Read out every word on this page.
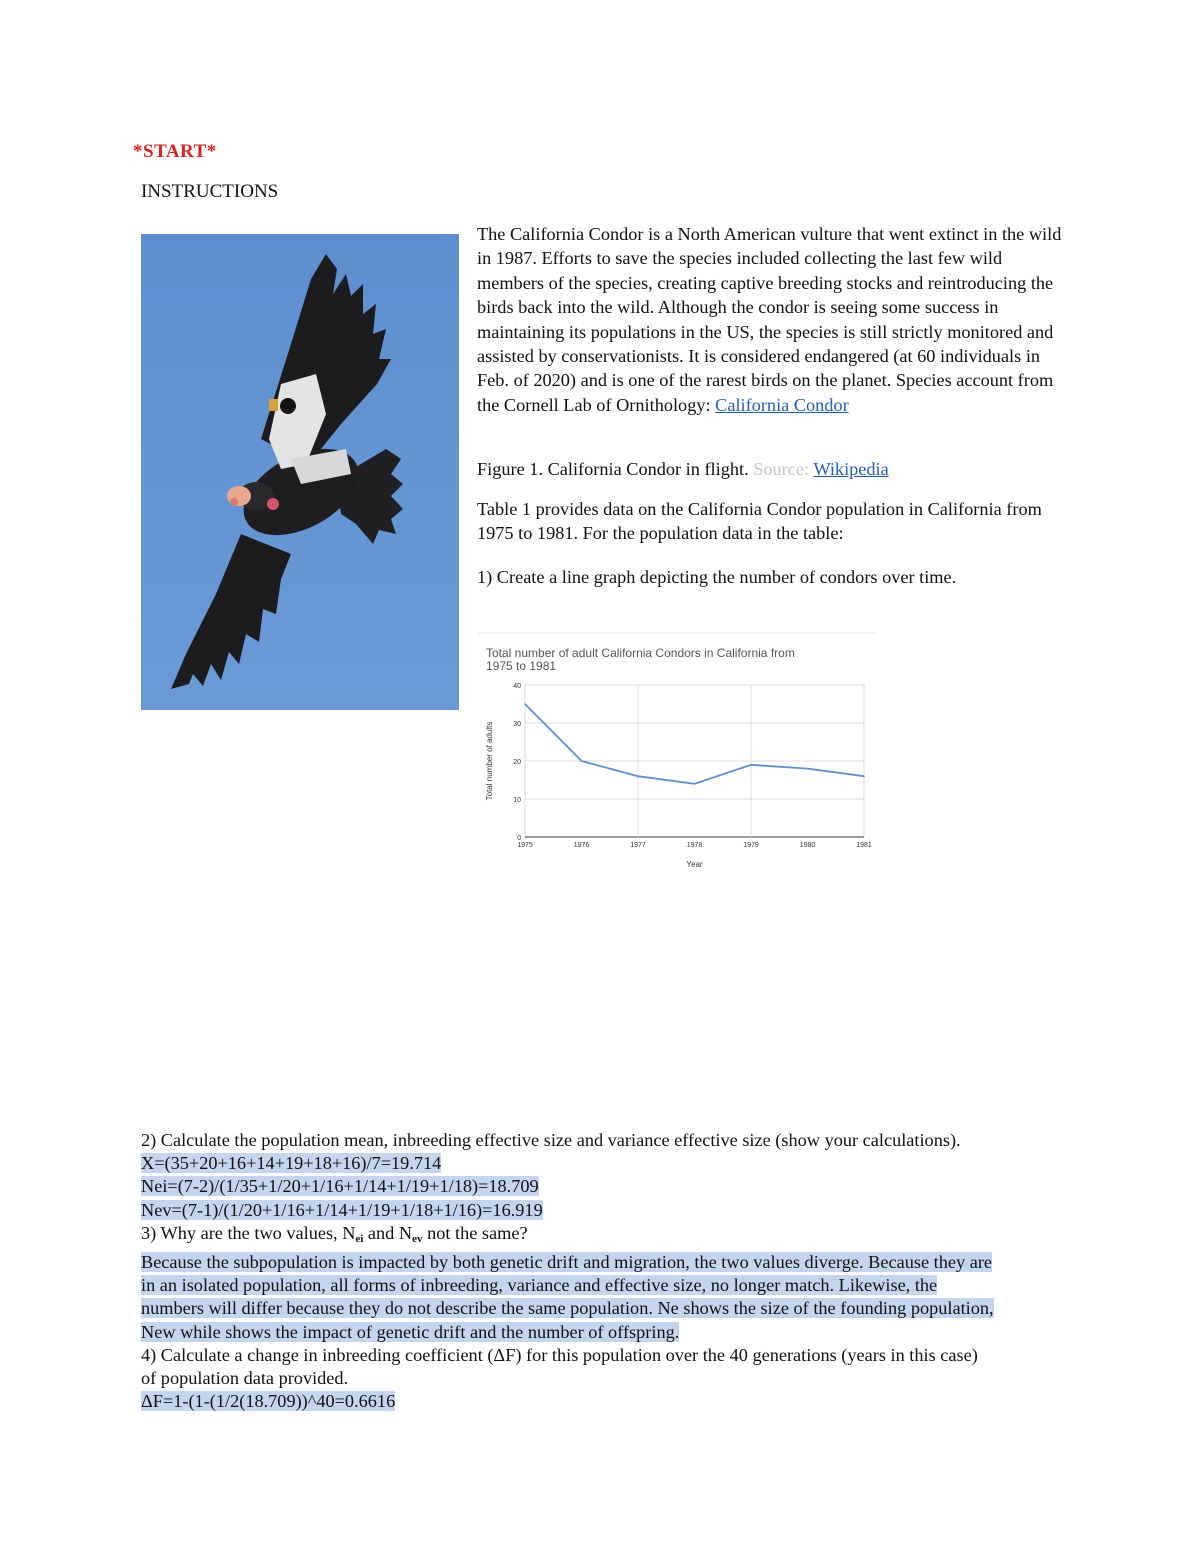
*START*
INSTRUCTIONS
The California Condor is a North American vulture that went extinct in the wild in 1987. Efforts to save the species included collecting the last few wild members of the species, creating captive breeding stocks and reintroducing the birds back into the wild. Although the condor is seeing some success in maintaining its populations in the US, the species is still strictly monitored and assisted by conservationists. It is considered endangered (at 60 individuals in Feb. of 2020) and is one of the rarest birds on the planet. Species account from the Cornell Lab of Ornithology: California Condor
Figure 1. California Condor in flight. Source: Wikipedia
Table 1 provides data on the California Condor population in California from 1975 to 1981. For the population data in the table:
1) Create a line graph depicting the number of condors over time.
Total number of adult California Condors in California from
1975 to 1981
0
10
20
30
40
1975	1976	1977	1978	1979	1980	1981
Total number of adults
Year
2) Calculate the population mean, inbreeding effective size and variance effective size (show your calculations).
X=(35+20+16+14+19+18+16)/7=19.714
Nei=(7-2)/(1/35+1/20+1/16+1/14+1/19+1/18)=18.709
Nev=(7-1)/(1/20+1/16+1/14+1/19+1/18+1/16)=16.919
3) Why are the two values, $N_{ei}$ and $N_{ev}$ not the same?
Because the subpopulation is impacted by both genetic drift and migration, the two values diverge. Because they are
in an isolated population, all forms of inbreeding, variance and effective size, no longer match. Likewise, the
numbers will differ because they do not describe the same population. Ne shows the size of the founding population,
New while shows the impact of genetic drift and the number of offspring.
4) Calculate a change in inbreeding coefficient (ΔF) for this population over the 40 generations (years in this case)
of population data provided.
ΔF=1-(1-(1/2(18.709))^40=0.6616
